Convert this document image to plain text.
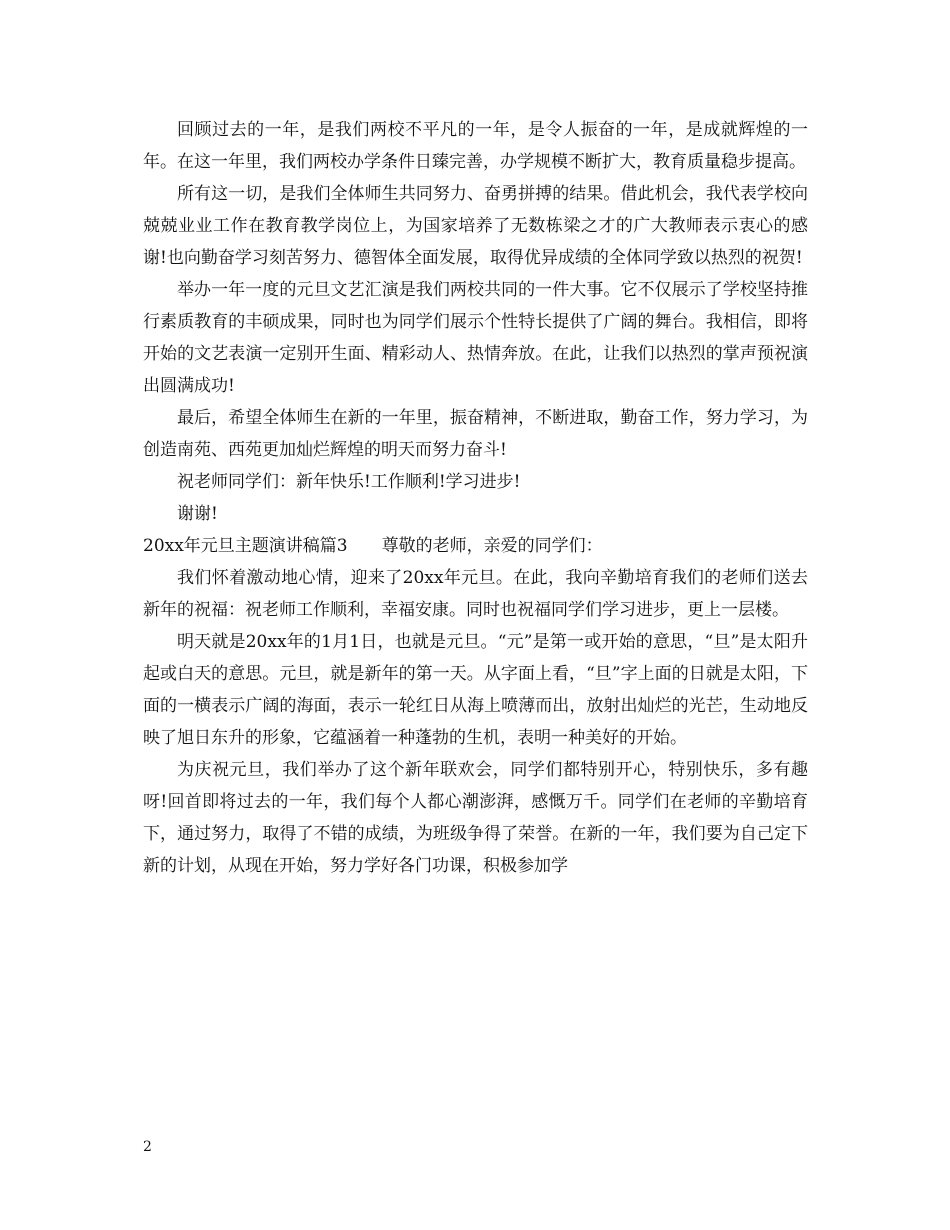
回顾过去的一年，是我们两校不平凡的一年，是令人振奋的一年，是成就辉煌的一年。在这一年里，我们两校办学条件日臻完善，办学规模不断扩大，教育质量稳步提高。

所有这一切，是我们全体师生共同努力、奋勇拼搏的结果。借此机会，我代表学校向兢兢业业工作在教育教学岗位上，为国家培养了无数栋梁之才的广大教师表示衷心的感谢!也向勤奋学习刻苦努力、德智体全面发展，取得优异成绩的全体同学致以热烈的祝贺!

举办一年一度的元旦文艺汇演是我们两校共同的一件大事。它不仅展示了学校坚持推行素质教育的丰硕成果，同时也为同学们展示个性特长提供了广阔的舞台。我相信，即将开始的文艺表演一定别开生面、精彩动人、热情奔放。在此，让我们以热烈的掌声预祝演出圆满成功!

最后，希望全体师生在新的一年里，振奋精神，不断进取，勤奋工作，努力学习，为创造南苑、西苑更加灿烂辉煌的明天而努力奋斗!

祝老师同学们：新年快乐!工作顺利!学习进步!

谢谢!

20xx年元旦主题演讲稿篇3 尊敬的老师，亲爱的同学们：

我们怀着激动地心情，迎来了20xx年元旦。在此，我向辛勤培育我们的老师们送去新年的祝福：祝老师工作顺利，幸福安康。同时也祝福同学们学习进步，更上一层楼。

明天就是20xx年的1月1日，也就是元旦。“元”是第一或开始的意思，“旦”是太阳升起或白天的意思。元旦，就是新年的第一天。从字面上看，“旦”字上面的日就是太阳，下面的一横表示广阔的海面，表示一轮红日从海上喷薄而出，放射出灿烂的光芒，生动地反映了旭日东升的形象，它蕴涵着一种蓬勃的生机，表明一种美好的开始。

为庆祝元旦，我们举办了这个新年联欢会，同学们都特别开心，特别快乐，多有趣呀!回首即将过去的一年，我们每个人都心潮澎湃，感慨万千。同学们在老师的辛勤培育下，通过努力，取得了不错的成绩，为班级争得了荣誉。在新的一年，我们要为自己定下新的计划，从现在开始，努力学好各门功课，积极参加学

2
